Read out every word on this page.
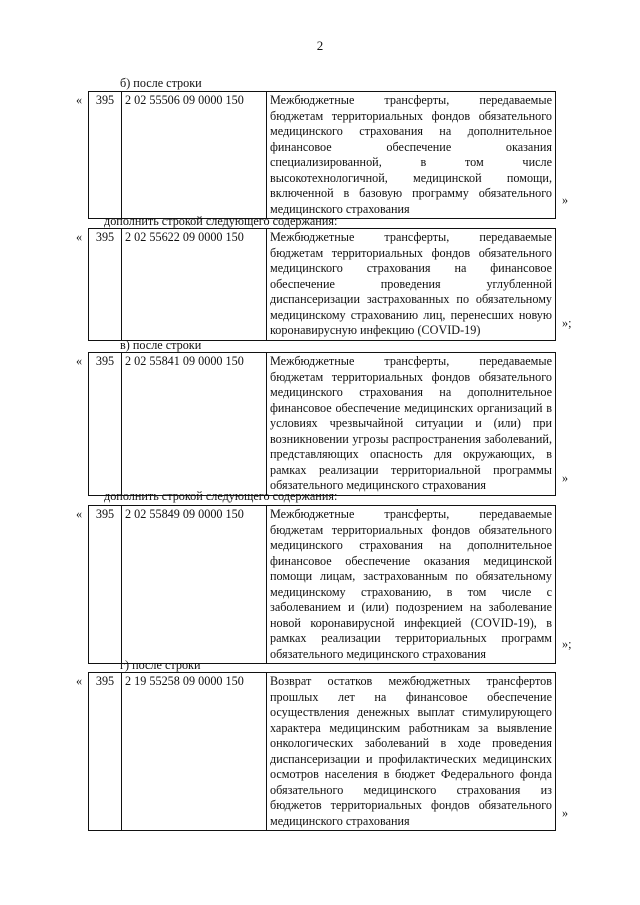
2
б) после строки
« 395	2 02 55506 09 0000 150	Межбюджетные трансферты, передаваемые бюджетам территориальных фондов обязательного медицинского страхования на дополнительное финансовое обеспечение оказания специализированной, в том числе высокотехнологичной, медицинской помощи, включенной в базовую программу обязательного медицинского страхования
»
дополнить строкой следующего содержания:
« 395	2 02 55622 09 0000 150	Межбюджетные трансферты, передаваемые бюджетам территориальных фондов обязательного медицинского страхования на финансовое обеспечение проведения углубленной диспансеризации застрахованных по обязательному медицинскому страхованию лиц, перенесших новую коронавирусную инфекцию (COVID-19)	»;
в) после строки
« 395	2 02 55841 09 0000 150	Межбюджетные трансферты, передаваемые бюджетам территориальных фондов обязательного медицинского страхования на дополнительное финансовое обеспечение медицинских организаций в условиях чрезвычайной ситуации и (или) при возникновении угрозы распространения заболеваний, представляющих опасность для окружающих, в рамках реализации территориальной программы обязательного медицинского страхования	»
дополнить строкой следующего содержания:
« 395	2 02 55849 09 0000 150	Межбюджетные трансферты, передаваемые бюджетам территориальных фондов обязательного медицинского страхования на дополнительное финансовое обеспечение оказания медицинской помощи лицам, застрахованным по обязательному медицинскому страхованию, в том числе с заболеванием и (или) подозрением на заболевание новой коронавирусной инфекцией (COVID-19), в рамках реализации территориальных программ обязательного медицинского страхования
»;
г) после строки
« 395	2 19 55258 09 0000 150	Возврат остатков межбюджетных трансфертов прошлых лет на финансовое обеспечение осуществления денежных выплат стимулирующего характера медицинским работникам за выявление онкологических заболеваний в ходе проведения диспансеризации и профилактических медицинских осмотров населения в бюджет Федерального фонда обязательного медицинского страхования из бюджетов территориальных фондов обязательного медицинского страхования
»
